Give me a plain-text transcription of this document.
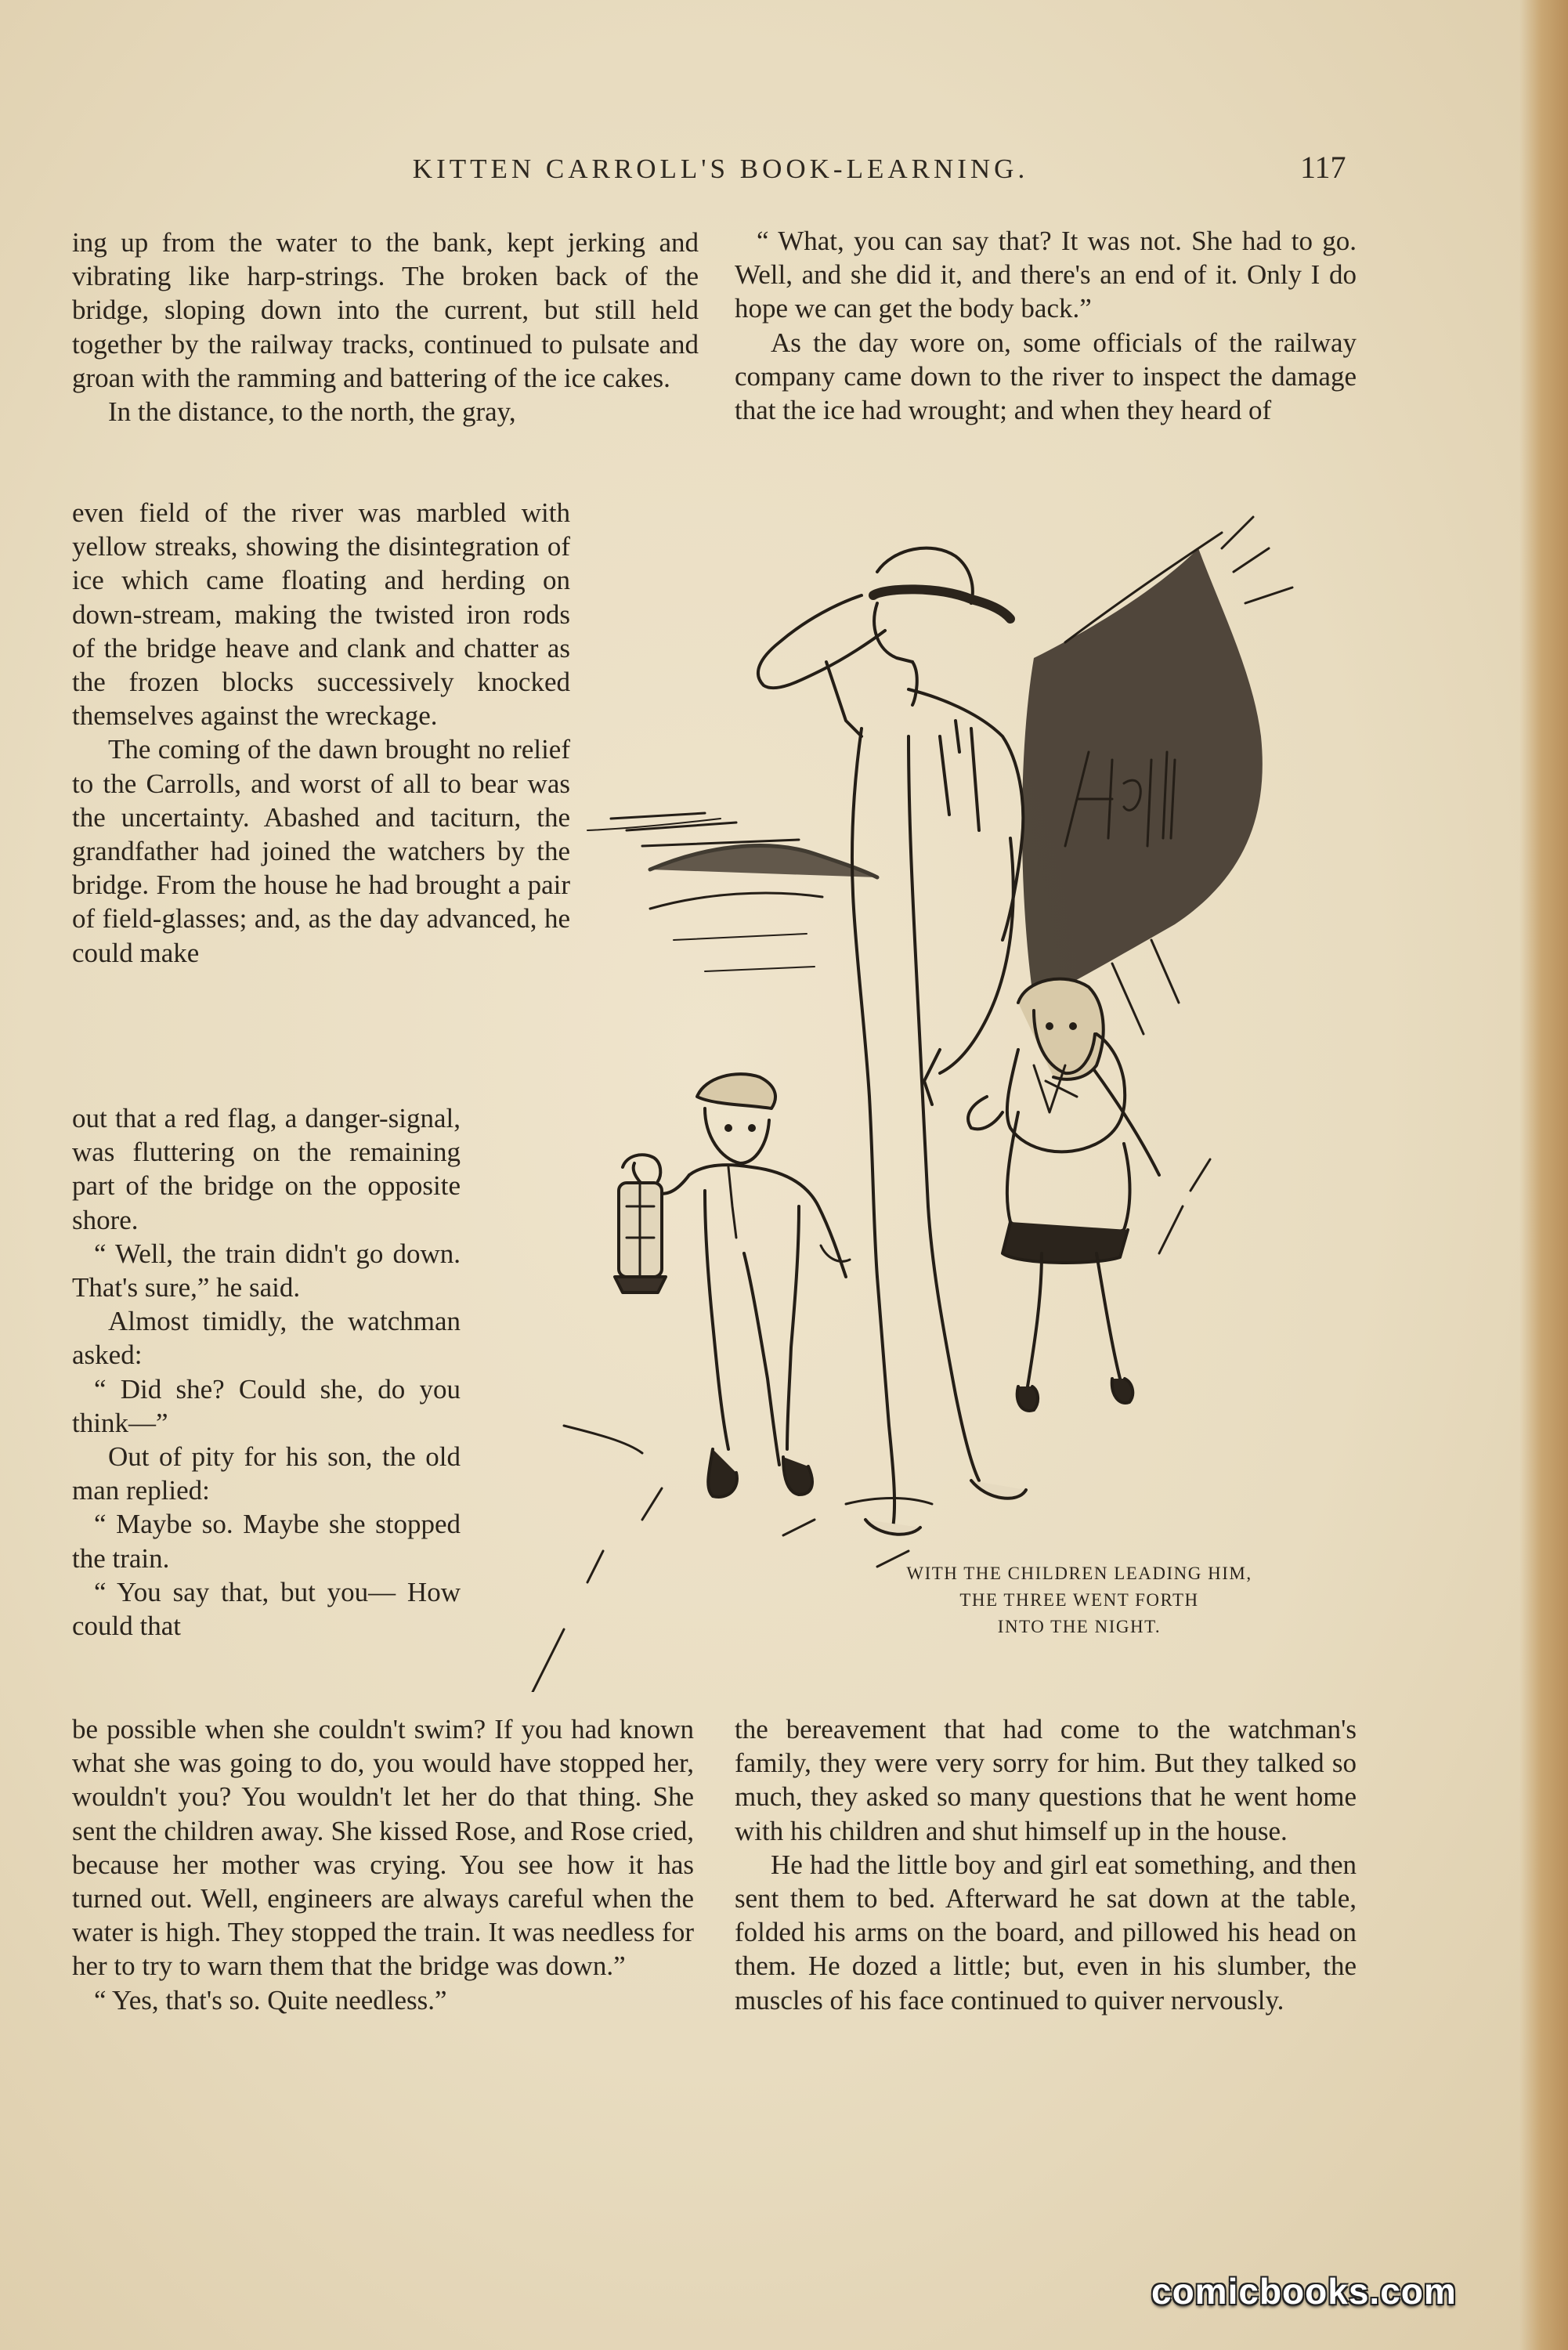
KITTEN CARROLL'S BOOK-LEARNING.	117

ing up from the water to the bank, kept jerking and vibrating like harp-strings. The broken back of the bridge, sloping down into the current, but still held together by the railway tracks, continued to pulsate and groan with the ramming and battering of the ice cakes.

In the distance, to the north, the gray,

even field of the river was marbled with yellow streaks, showing the disintegration of ice which came floating and herding on down-stream, making the twisted iron rods of the bridge heave and clank and chatter as the frozen blocks successively knocked themselves against the wreckage.

The coming of the dawn brought no relief to the Carrolls, and worst of all to bear was the uncertainty. Abashed and taciturn, the grandfather had joined the watchers by the bridge. From the house he had brought a pair of field-glasses; and, as the day advanced, he could make

out that a red flag, a danger-signal, was fluttering on the remaining part of the bridge on the opposite shore.

“ Well, the train didn't go down. That's sure,” he said.

Almost timidly, the watchman asked:

“ Did she? Could she, do you think—”

Out of pity for his son, the old man replied:

“ Maybe so. Maybe she stopped the train.

“ You say that, but you— How could that

be possible when she couldn't swim? If you had known what she was going to do, you would have stopped her, wouldn't you? You wouldn't let her do that thing. She sent the children away. She kissed Rose, and Rose cried, because her mother was crying. You see how it has turned out. Well, engineers are always careful when the water is high. They stopped the train. It was needless for her to try to warn them that the bridge was down.”

“ Yes, that's so. Quite needless.”

“ What, you can say that? It was not. She had to go. Well, and she did it, and there's an end of it. Only I do hope we can get the body back.”

As the day wore on, some officials of the railway company came down to the river to inspect the damage that the ice had wrought; and when they heard of

the bereavement that had come to the watchman's family, they were very sorry for him. But they talked so much, they asked so many questions that he went home with his children and shut himself up in the house.

He had the little boy and girl eat something, and then sent them to bed. Afterward he sat down at the table, folded his arms on the board, and pillowed his head on them. He dozed a little; but, even in his slumber, the muscles of his face continued to quiver nervously.

WITH THE CHILDREN LEADING HIM,
THE THREE WENT FORTH
INTO THE NIGHT.
comicbooks.com
